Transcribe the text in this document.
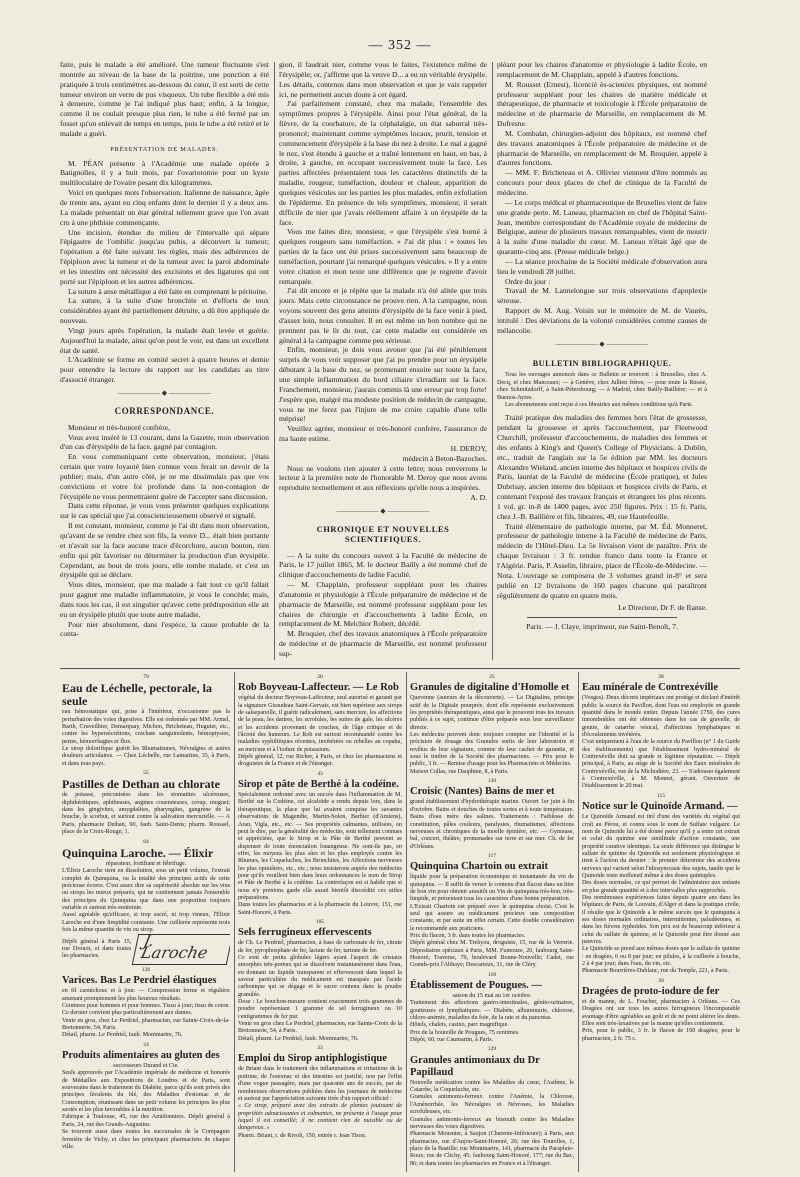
— 352 —

faite, puis le malade a été amélioré. Une tumeur fluctuante s'est montrée au niveau de la base de la poitrine, une ponction a été pratiquée à trois centimètres au-dessous du cœur, il est sorti de cette tumeur environ un verre de pus visqueux. Un tube flexible a été mis à demeure, comme je l'ai indiqué plus haut; enfin, à la longue, comme il ne coulait presque plus rien, le tube a été fermé par un fosset qu'on enlevait de temps en temps, puis le tube a été retiré et le malade a guéri.

PRÉSENTATION DE MALADES.

M. PÉAN présente à l'Académie une malade opérée à Batignolles, il y a huit mois, par l'ovariotomie pour un kyste multiloculaire de l'ovaire pesant dix kilogrammes.

Voici en quelques mots l'observation. Italienne de naissance, âgée de trente ans, ayant eu cinq enfants dont le dernier il y a deux ans. La malade présentait un état général tellement grave que l'on avait cru à une phthisie commençante.

Une incision, étendue du milieu de l'intervalle qui sépare l'épigastre de l'ombilic jusqu'au pubis, a découvert la tumeur; l'opération a été faite suivant les règles, mais des adhérences de l'épiploon avec la tumeur et de la tumeur avec la paroi abdominale et les intestins ont nécessité des excisions et des ligatures qui ont porté sur l'épiploon et les autres adhérences.

La suture à anse métallique a été faite en comprenant le péritoine.

La suture, à la suite d'une bronchite et d'efforts de toux considérables ayant été partiellement détruite, a dû être appliquée de nouveau.

Vingt jours après l'opération, la malade était levée et guérie. Aujourd'hui la malade, ainsi qu'on peut le voir, est dans un excellent état de santé.

L'Académie se forme en comité secret à quatre heures et demie pour entendre la lecture du rapport sur les candidats au titre d'associé étranger.

—————— ◆ ——————
CORRESPONDANCE.

Monsieur et très-honoré confrère,

Vous avez inséré le 13 courant, dans la Gazette, mon observation d'un cas d'érysipèle de la face, gagné par contagion.

En vous communiquant cette observation, monsieur, j'étais certain que votre loyauté bien connue vous ferait un devoir de la publier; mais, d'un autre côté, je ne me dissimulais pas que vos convictions et votre foi profonde dans la non-contagion de l'érysipèle ne vous permettraient guère de l'accepter sans discussion.

Dans cette réponse, je vous vous présenter quelques explications sur le cas spécial que j'ai consciencieusement observé et signalé.

Il est constant, monsieur, comme je l'ai dit dans mon observation, qu'avant de se rendre chez son fils, la veuve D... était bien portante et n'avait sur la face aucune trace d'écorchure, aucun bouton, rien enfin qui pût favoriser ou déterminer la production d'un érysipèle. Cependant, au bout de trois jours, elle tombe malade, et c'est un érysipèle qui se déclare.

Vous dites, monsieur, que ma malade a fait tout ce qu'il fallait pour gagner une maladie inflammatoire, je vous le concède; mais, dans tous les cas, il est singulier qu'avec cette prédisposition elle ait eu un érysipèle plutôt que toute autre maladie.

Pour nier absolument, dans l'espèce, la cause probable de la conta-

gion, il faudrait nier, comme vous le faites, l'existence même de l'érysipèle; or, j'affirme que la veuve D... a eu un véritable érysipèle. Les détails, contenus dans mon observation et que je vais rappeler ici, ne permettent aucun doute à cet égard.

J'ai parfaitement constaté, chez ma malade, l'ensemble des symptômes propres à l'érysipèle. Ainsi pour l'état général, de la fièvre, de la courbature, de la céphalalgie, un état saburral très-prononcé; maintenant comme symptômes locaux, prurit, tension et commencement d'érysipèle à la base du nez à droite. Le mal a gagné le nez, s'est étendu à gauche et a traîné lentement en haut, en bas, à droite, à gauche, en occupant successivement toute la face. Les parties affectées présentaient tous les caractères distinctifs de la maladie, rougeur, tuméfaction, douleur et chaleur, apparition de quelques vésicules sur les parties les plus malades, enfin exfoliation de l'épiderme. En présence de tels symptômes, monsieur, il serait difficile de nier que j'avais réellement affaire à un érysipèle de la face.

Vous me faites dire, monsieur, « que l'érysipèle s'est borné à quelques rougeurs sans tuméfaction. » J'ai dit plus : « toutes les parties de la face ont été prises successivement sans beaucoup de tuméfaction, pourtant j'ai remarqué quelques vésicules. » Il y a entre votre citation et mon texte une différence que je regrette d'avoir remarquée.

J'ai dit encore et je répète que la malade n'a été alitée que trois jours. Mais cette circonstance ne prouve rien. A la campagne, nous voyons souvent des gens atteints d'érysipèle de la face venir à pied, d'assez loin, nous consulter. Il en est même un bon nombre qui ne prennent pas le lit du tout, car cette maladie est considérée en général à la campagne comme peu sérieuse.

Enfin, monsieur, je dois vous avouer que j'ai été péniblement surpris de vous voir supposer que j'ai pu prendre pour un érysipèle débutant à la base du nez, se promenant ensuite sur toute la face, une simple inflammation du bord ciliaire s'irradiant sur la face. Franchement, monsieur, j'aurais commis là une erreur par trop forte! J'espère que, malgré ma modeste position de médecin de campagne, vous ne me ferez pas l'injure de me croire capable d'une telle méprise!

Veuillez agréer, monsieur et très-honoré confrère, l'assurance de ma haute estime.

H. DEROY,

médecin à Beton-Bazoches.

Nous ne voulons rien ajouter à cette lettre; nous renverrons le lecteur à la première note de l'honorable M. Deroy que nous avons reproduite textuellement et aux réflexions qu'elle nous a inspirées.

A. D.

—————— ◆ ——————
CHRONIQUE ET NOUVELLES SCIENTIFIQUES.

— A la suite du concours ouvert à la Faculté de médecine de Paris, le 17 juillet 1865, M. le docteur Bailly a été nommé chef de clinique d'accouchements de ladite Faculté.

— M. Chapplain, professeur suppléant pour les chaires d'anatomie et physiologie à l'École préparatoire de médecine et de pharmacie de Marseille, est nommé professeur suppléant pour les chaires de chirurgie et d'accouchements à ladite École, en remplacement de M. Melchior Robert, décédé.

M. Broquier, chef des travaux anatomiques à l'École préparatoire de médecine et de pharmacie de Marseille, est nommé professeur sup-

pléant pour les chaires d'anatomie et physiologie à ladite École, en remplacement de M. Chapplain, appelé à d'autres fonctions.

M. Rousset (Ernest), licencié ès-sciences physiques, est nommé professeur suppléant pour les chaires de matière médicale et thérapeutique, de pharmacie et toxicologie à l'École préparatoire de médecine et de pharmacie de Marseille, en remplacement de M. Dufresne.

M. Combalat, chirurgien-adjoint des hôpitaux, est nommé chef des travaux anatomiques à l'École préparatoire de médecine et de pharmacie de Marseille, en remplacement de M. Broquier, appelé à d'autres fonctions.

— MM. F. Bricheteau et A. Ollivier viennent d'être nommés au concours pour deux places de chef de clinique de la Faculté de médecine.

— Le corps médical et pharmaceutique de Bruxelles vient de faire une grande perte. M. Laneau, pharmacien en chef de l'hôpital Saint-Jean, membre correspondant de l'Académie royale de médecine de Belgique, auteur de plusieurs travaux remarquables, vient de mourir à la suite d'une maladie du cœur. M. Laneau n'était âgé que de quarante-cinq ans. (Presse médicale belge.)

— La séance prochaine de la Société médicale d'observation aura lieu le vendredi 28 juillet.

Ordre du jour :

Travail de M. Lannelongue sur trois observations d'apoplexie séreuse.

Rapport de M. Aug. Voisin sur le mémoire de M. de Vaurès, intitulé : Des déviations de la volonté considérées comme causes de mélancolie.

—————— ◆ ——————
BULLETIN BIBLIOGRAPHIQUE.

Tous les ouvrages annoncés dans ce Bulletin se trouvent : à Bruxelles, chez A. Decq, et chez Manceaux; — à Genève, chez Jullien frères; — pour toute la Russie, chez Schmitzdorff, à Saint-Pétersbourg; — à Madrid, chez Bailly-Baillière; — et à Buenos-Ayres.

Les abonnements sont reçus à ces librairies aux mêmes conditions qu'à Paris.

Traité pratique des maladies des femmes hors l'état de grossesse, pendant la grossesse et après l'accouchement, par Fleetwood Churchill, professeur d'accouchements, de maladies des femmes et des enfants à King's and Queen's College of Physicians. à Dublin, etc., traduit de l'anglais sur la 5e édition par MM. les docteurs Alexandre Wieland, ancien interne des hôpitaux et hospices civils de Paris, lauréat de la Faculté de médecine (École pratique), et Jules Dubrisay, ancien interne des hôpitaux et hospices civils de Paris, et contenant l'exposé des travaux français et étrangers les plus récents. 1 vol. gr. in-8 de 1400 pages, avec 250 figures. Prix : 15 fr. Paris, chez J.-B. Baillière et fils, libraires, 49, rue Hautefeuille.

Traité élémentaire de pathologie interne, par M. Éd. Monneret, professeur de pathologie interne à la Faculté de médecine de Paris, médecin de l'Hôtel-Dieu. La 5e livraison vient de paraître. Prix de chaque livraison : 3 fr. rendue franco dans toute la France et l'Algérie. Paris, P. Asselin, libraire, place de l'École-de-Médecine. — Nota. L'ouvrage se composera de 3 volumes grand in-8° et sera publié en 12 livraisons de 160 pages chacune qui paraîtront régulièrement de quatre en quatre mois.

Le Directeur, Dr F. de Ranse.

Paris. — J. Claye, imprimeur, rue Saint-Benoît, 7.

79
Eau de Léchelle, pectorale, la seule

eau hémostatique qui, prise à l'intérieur, n'occasionne pas la perturbation des voies digestives. Elle est ordonnée par MM. Armel, Barth, Cruveilhier, Demarquay, Michon, Bricheteau, Huguier, etc., contre les hypersécrétions, crachats sanguinolents, hémoptysies, pertes, hémorrhagies et flux.

Le sirop dolorifique guérit les Rhumatismes, Névralgies et autres douleurs articulaires. — Chez Léchelle, rue Lamartine, 35, à Paris, et dans tous pays.

55
Pastilles de Dethan au chlorate

de potasse, préconisées dans les stomatites ulcéreuses, diphthéritiques, aphtheuses, angines couenneuses, croup, muguet; dans les gingivites, amygdalites, pharyngites, gangrène de la bouche, le scorbut, et surtout contre la salivation mercurielle. — A Paris, pharmacie Dethan, 90, faub. Saint-Denis; pharm. Roussel, place de la Croix-Rouge, 1.

64
Quinquina Laroche. — Élixir

réparateur, fortifiant et fébrifuge.

L'Élixir Laroche tient en dissolution, sous un petit volume, l'extrait complet de Quinquina, ou la totalité des principes actifs de cette précieuse écorce. C'est assez dire sa supériorité absolue sur les vins ou sirops les mieux préparés, qui ne contiennent jamais l'ensemble des principes du Quinquina que dans une proportion toujours variable et surtout très-restreinte.

Aussi agréable qu'efficace, si trop sucré, ni trop vineux, l'Élixir Laroche est d'une limpidité constante. Une cuillerée représente trois fois la même quantité de vin ou sirop.

Dépôt général à Paris 15, rue Drouot, et dans toutes les pharmacies.

J. Laroche
126
Varices. Bas Le Perdriel élastiques

en fil caoutchouc et à jour. — Compression ferme et régulière amenant promptement les plus heureux résultats.

Ceintures pour hommes et pour femmes. Tissu à jour; tissu de coton. Ce dernier convient plus particulièrement aux dames.

Vente en gros, chez Le Perdriel, pharmacien, rue Sainte-Croix-de-la-Bretonnerie, 54, Paris.

Détail, pharm. Le Perdriel, faub. Montmartre, 76.

24
Produits alimentaires au gluten des

successeurs Durand et Cie.

Seuls approuvés par l'Académie impériale de médecine et honorés de Médailles aux Expositions de Londres et de Paris, sont souverains dans le traitement du Diabète, parce qu'ils sont privés des principes féculents du blé, des Maladies d'estomac et de Consomption, réunissant dans un petit volume les principes les plus azotés et les plus favorables à la nutrition.

Fabrique à Toulouse, 45, rue des Amidonniers. Dépôt général à Paris, 24, rue des Grands-Augustins.

Se trouvent aussi dans toutes les succursales de la Compagnie fermière de Vichy, et chez les principaux pharmaciens de chaque ville.

20
Rob Boyveau-Laffecteur. — Le Rob

végétal du docteur Boyveau-Laffecteur, seul autorisé et garanti par la signature Giraudeau Saint-Gervais, est bien supérieur aux sirops de salsepareille, il guérit radicalement, sans mercure, les affections de la peau, les dartres, les scrofules, les suites de gale, les ulcères et les accidents provenant de couches, de l'âge critique et de l'âcreté des humeurs. Le Rob est surtout recommandé contre les maladies syphilitiques récentes, invétérées ou rebelles au copahu, au mercure et à l'iodure de potassium.

Dépôt général, 12, rue Richer, à Paris, et chez les pharmaciens et droguistes de la France et de l'étranger.

43
Sirop et pâte de Berthé à la codéine.

Spécialement ordonné avec un succès dans l'inflammation de M. Berthé sur la Codéine, cet alcaloïde a rendu depuis lors, dans la thérapeutique, la place que lui avaient conquise les savantes observations de Magendie, Martin-Solon, Barbier (d'Amiens), Aran, Vigla, etc., etc. — Ses propriétés calmantes, utilisées, on peut le dire, par la généralité des médecins, sont tellement connues et appréciées, que le Sirop et la Pâte de Berthé peuvent se dispenser de toute énonciation louangeuse. Ne sont-ils pas, en effet, les moyens les plus sûrs et les plus employés contre les Rhumes, les Coqueluches, les Bronchites, les Affections nerveuses les plus opiniâtres, etc., etc.; nous insisterons auprès des médecins pour qu'ils veuillent bien dans leurs ordonnances le nom de Sirop et Pâte de Berthé à la codéine. La contrefaçon est si habile que si nous n'y prenions garde elle aurait bientôt discrédité ces utiles préparations.

Dans toutes les pharmacies et à la pharmacie du Louvre, 151, rue Saint-Honoré, à Paris.

105
Sels ferrugineux effervescents

de Ch. Le Perdriel, pharmacien, à base de carbonate de fer, citrate de fer, pyrophosphate de fer, lactate de fer, tartrate de fer.

Ce sont de petits globules légers ayant l'aspect de cristaux amorphes très-poreux qui se dissolvent instantanément dans l'eau, en donnant un liquide transparent et effervescent dans lequel la saveur particulière du médicament est masquée par l'acide carbonique qui se dégage et le sucre contenu dans la poudre granulée.

Dose : Le bouchon-mesure contient exactement trois grammes de poudre représentant 1 gramme de sel ferrugineux ou 10 centigrammes de fer pur.

Vente en gros chez Le Perdriel, pharmacien, rue Sainte-Croix de la Bretonnerie, 54, à Paris.

Détail, pharm. Le Perdriel, faub. Montmartre, 76.

33
Emploi du Sirop antiphlogistique

de Briant dans le traitement des inflammations et irritations de la poitrine, de l'estomac et des intestins est justifié, non par l'effet d'une vogue passagère, mais par quarante ans de succès, par de nombreuses observations publiées dans les journaux de médecine et surtout par l'appréciation suivante tirée d'un rapport officiel :

« Ce sirop, préparé avec des extraits de plantes jouissant de propriétés adoucissantes et calmantes, ne présente à l'usage pour lequel il est conseillé; il ne contient rien de nuisible ou de dangereux. »

Pharm. Briant, r. de Rivoli, 150, entrée r. Jean Tison.

25
Granules de digitaline d'Homolle et

Quevenne (auteurs de la découverte). — La Digitaline, principe actif de la Digitale pourprée, dont elle représente exclusivement les propriétés thérapeutiques, ainsi que le prouvent tous les travaux publiés à ce sujet, continue d'être préparée sous leur surveillance directe.

Les médecins peuvent donc toujours compter sur l'identité et la précision de dosage des Granules sortis de leur laboratoire et revêtus de leur signature, comme de leur cachet de garantie, et sous le timbre de la Société des pharmaciens. — Prix pour le public, 3 fr. — Remise d'usage pour les Pharmaciens et Médecins.

Maison Collas, rue Dauphine, 8, à Paris.

130
Croisic (Nantes) Bains de mer et

grand établissement d'hydrothérapie marine. Ouvert 1er juin à fin d'octobre. Bains et douches de toutes sortes et à toute température. Bains d'eau mère des salines. Traitements : Faiblesse de constitution, pâles couleurs, paralysies, rhumatismes, affections nerveuses et chroniques de la moelle épinière, etc. — Gymnase, bal, concert, théâtre, promenades sur terre et sur mer. Ch. de fer d'Orléans.

117
Quinquina Chartoin ou extrait

liquide pour la préparation économique et instantanée du vin de quinquina. — Il suffit de verser le contenu d'un flacon dans un litre de bon vin pour obtenir aussitôt un Vin de quinquina très-bon, très-limpide, et présentant tous les caractères d'une bonne préparation.

L'Extrait Chartoin est préparé avec le quinquina choisi. C'est le seul qui assure au médicament précieux une composition constante, et par suite un effet certain. Cette double considération le recommande aux praticiens.

Prix du flacon, 3 fr. dans toutes les pharmacies.

Dépôt général chez M. Trehyou, droguiste, 15, rue de la Verrerie. Dépositaires spéciaux à Paris, MM. Fumouze, 20, faubourg Saint-Honoré; Traverse, 79, boulevard Bonne-Nouvelle; Cadet, rue Grands-prix l'Abbaye; Descarieux, 31, rue de Cléry.

118
Établissement de Pougues. —

saison du 15 mai au 1er octobre.

Traitement des affections gastro-intestinales, génito-urinaires, goutteuses et lymphatiques. — Diabète, albuminurie, chlorose, chloro-anémie, maladies du foie, de la rate et du pancréas.

Hôtels, chalets, casino, parc magnifique.

Prix de la bouteille de Pougues, 75 centimes.

Dépôt, 60, rue Caumartin, à Paris.

129
Granules antimoniaux du Dr Papillaud

Nouvelle médication contre les Maladies du cœur, l'Asthme, le Catarrhe, la Coqueluche, etc.

Granules antimonio-ferreux contre l'Anémie, la Chlorose, l'Aménorrhée, les Névralgies et Névroses, les Maladies scrofuleuses, etc.

Granules antimonio-ferreux au bismuth contre les Maladies nerveuses des voies digestives.

Pharmacie Mousnier, à Saujon (Charente-Inférieure); à Paris, aux pharmacies, rue d'Anjou-Saint-Honoré, 26; rue des Tourelles, 1, place de la Bastille; rue Montmartre, 141, pharmacie du Parapluie-Roux; rue de Clichy, 45; faubourg Saint-Honoré, 177; rue du Bac, 86; et dans toutes les pharmacies en France et à l'étranger.

28
Eau minérale de Contrexéville

(Vosges). Deux décrets impériaux ont protégé et déclaré d'intérêt public la source du Pavillon, dont l'eau est employée en grande quantité dans le monde entier. Depuis l'année 1750, des cures innombrables ont été obtenues dans les cas de gravelle, de goutte, de catarrhe vésical, d'affections lymphatiques et d'écoulements invétérés.

C'est uniquement à l'eau de la source du Pavillon (n° 1 du Guide des établissements) que l'établissement hydro-minéral de Contrexéville doit sa grande et légitime réputation. — Dépôt principal, à Paris, au siège de la Société des Eaux minérales de Contrexéville, rue de la Michodière, 23. — S'adresser également à Contrexéville, à M. Monnet, gérant. Ouverture de l'établissement le 20 mai.

115
Notice sur le Quinoïde Armand. —

Le Quinoïde Armand est tiré d'une des variétés du végétal qui croît au Pérou, et connu sous le nom de Sulfate vulgaire. Le nom de Quinoïde lui a été donné parce qu'il y a entre cet extrait et celui du quinine une similitude d'action constante, une propriété curative identique. La seule différence qui distingue le sulfate de quinine du Quinoïde est seulement physiologique et tient à l'action du dernier : le premier détermine des accidents nerveux qui varient selon l'idiosyncrasie des sujets, tandis que le Quinoïde reste inoffensif même à des doses quintuples.

Des doses normales, ce qui permet de l'administrer aux enfants en plus grande quantité et à des intervalles plus rapprochés.

Des nombreuses expériences faites depuis quatre ans dans les hôpitaux de Paris, de Louvain, d'Alger et dans la pratique civile, il résulte que le Quinoïde a le même succès que le quinquina à ses doses normales ordinaires, intermittentes, paludéennes, et dans les fièvres typhoïdes. Son prix est de beaucoup inférieur à celui du sulfate de quinine, et le Quinoïde peut être donné aux pauvres.

Le Quinoïde se prend aux mêmes doses que le sulfate de quinine : en dragées, 6 ou 8 par jour; en pilules, à la cuillerée à bouche, 2 à 4 par jour; dans l'eau, du vin, etc.

Pharmacie Bourrières-Dublanc, rue du Temple, 221, à Paris.

20
Dragées de proto-iodure de fer

et de manne, de L. Foucher, pharmacien à Orléans. — Ces Dragées ont sur tous les autres ferrugineux l'incomparable avantage d'être agréables au goût et de ne point altérer les dents. Elles sont très-laxatives par la manne qu'elles contiennent.

Prix, pour le public, 3 fr. le flacon de 100 dragées; pour le pharmacien, 2 fr. 75 c.
